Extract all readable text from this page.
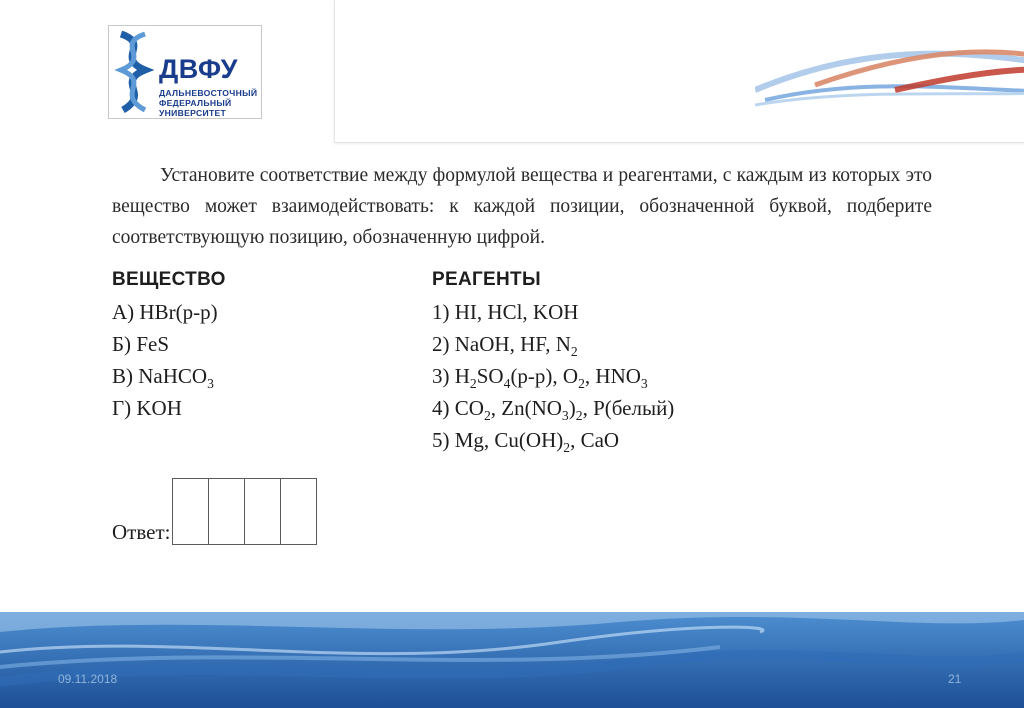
ДВФУ
ДАЛЬНЕВОСТОЧНЫЙ
ФЕДЕРАЛЬНЫЙ
УНИВЕРСИТЕТ
Установите соответствие между формулой вещества и реагентами, с каждым из которых это вещество может взаимодействовать: к каждой позиции, обозначенной буквой, подберите соответствующую позицию, обозначенную цифрой.
ВЕЩЕСТВО
А) HBr(р-р)
Б) FeS
В) NaHCO$_3$
Г) KOH
РЕАГЕНТЫ
1) HI, HCl, KOH
2) NaOH, HF, $N_2$
3) $H_2SO_4(р-р)$, $O_2$, $HNO_3$
4) $CO_2$, $Zn(NO_3)_2$, P(белый)
5) Mg, $Cu(OH)_2$, CaO
Ответ:
09.11.2018	21
